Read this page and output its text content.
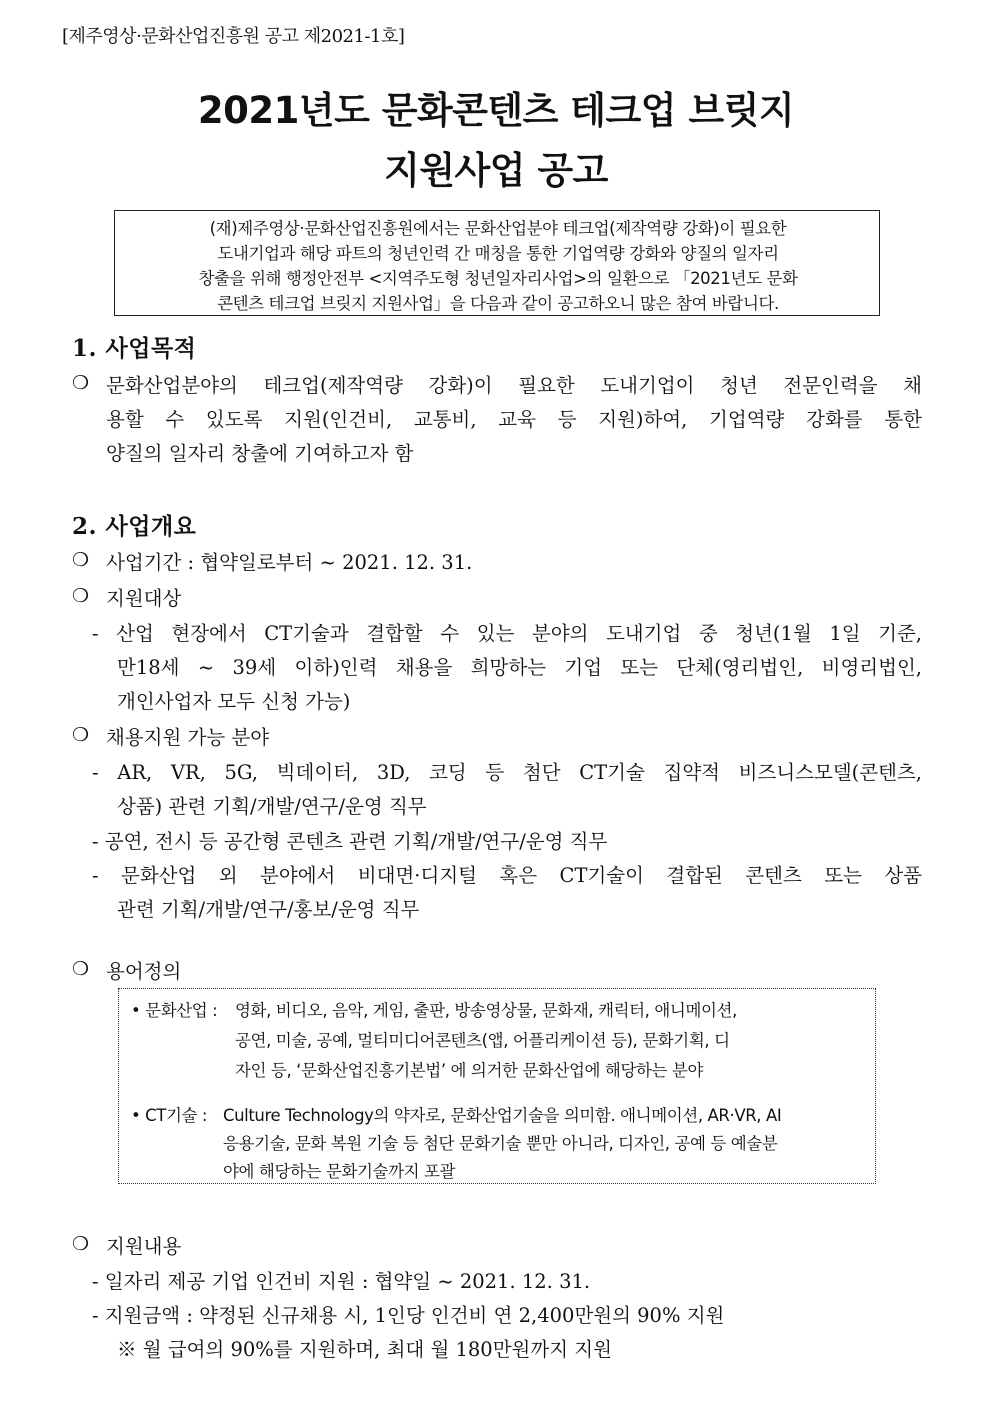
[제주영상·문화산업진흥원 공고 제2021-1호]
2021년도 문화콘텐츠 테크업 브릿지
지원사업 공고
(재)제주영상·문화산업진흥원에서는 문화산업분야 테크업(제작역량 강화)이 필요한
도내기업과 해당 파트의 청년인력 간 매칭을 통한 기업역량 강화와 양질의 일자리
창출을 위해 행정안전부 <지역주도형 청년일자리사업>의 일환으로 「2021년도 문화
콘텐츠 테크업 브릿지 지원사업」을 다음과 같이 공고하오니 많은 참여 바랍니다.
1. 사업목적
❍ 문화산업분야의 테크업(제작역량 강화)이 필요한 도내기업이 청년 전문인력을 채
용할 수 있도록 지원(인건비, 교통비, 교육 등 지원)하여, 기업역량 강화를 통한
양질의 일자리 창출에 기여하고자 함
2. 사업개요
❍ 사업기간 : 협약일로부터 ~ 2021. 12. 31.
❍ 지원대상
- 산업 현장에서 CT기술과 결합할 수 있는 분야의 도내기업 중 청년(1월 1일 기준,
만18세 ~ 39세 이하)인력 채용을 희망하는 기업 또는 단체(영리법인, 비영리법인,
개인사업자 모두 신청 가능)
❍ 채용지원 가능 분야
- AR, VR, 5G, 빅데이터, 3D, 코딩 등 첨단 CT기술 집약적 비즈니스모델(콘텐츠,
상품) 관련 기획/개발/연구/운영 직무
- 공연, 전시 등 공간형 콘텐츠 관련 기획/개발/연구/운영 직무
- 문화산업 외 분야에서 비대면·디지털 혹은 CT기술이 결합된 콘텐츠 또는 상품
관련 기획/개발/연구/홍보/운영 직무
❍ 용어정의
• 문화산업 : 영화, 비디오, 음악, 게임, 출판, 방송영상물, 문화재, 캐릭터, 애니메이션,
공연, 미술, 공예, 멀티미디어콘텐츠(앱, 어플리케이션 등), 문화기획, 디
자인 등, ‘문화산업진흥기본법’ 에 의거한 문화산업에 해당하는 분야
• CT기술 : Culture Technology의 약자로, 문화산업기술을 의미함. 애니메이션, AR·VR, AI
응용기술, 문화 복원 기술 등 첨단 문화기술 뿐만 아니라, 디자인, 공예 등 예술분
야에 해당하는 문화기술까지 포괄
❍ 지원내용
- 일자리 제공 기업 인건비 지원 : 협약일 ~ 2021. 12. 31.
- 지원금액 : 약정된 신규채용 시, 1인당 인건비 연 2,400만원의 90% 지원
※ 월 급여의 90%를 지원하며, 최대 월 180만원까지 지원
